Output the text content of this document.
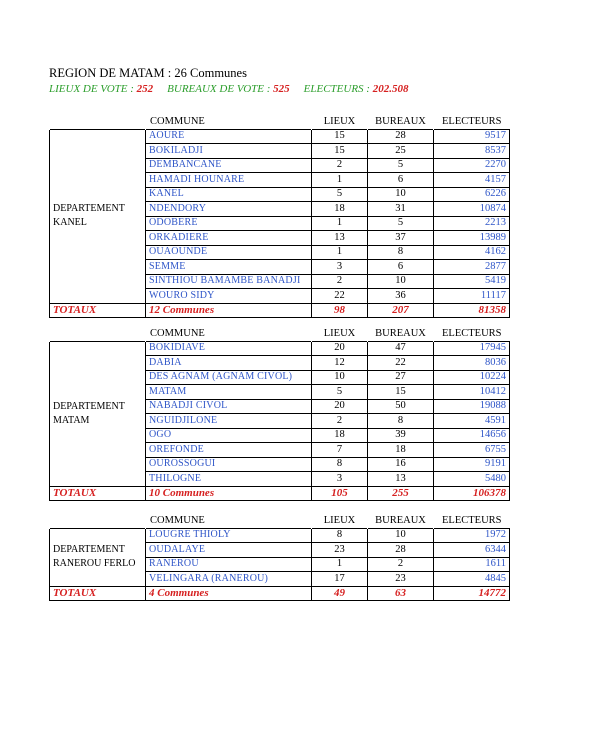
REGION DE MATAM : 26 Communes
LIEUX DE VOTE : 252 BUREAUX DE VOTE : 525 ELECTEURS : 202.508
	COMMUNE	LIEUX	BUREAUX	ELECTEURS

DEPARTEMENT
KANEL	AOURE	15	28	9517
	BOKILADJI	15	25	8537
	DEMBANCANE	2	5	2270
	HAMADI HOUNARE	1	6	4157
	KANEL	5	10	6226
	NDENDORY	18	31	10874
	ODOBERE	1	5	2213
	ORKADIERE	13	37	13989
	OUAOUNDE	1	8	4162
	SEMME	3	6	2877
	SINTHIOU BAMAMBE BANADJI	2	10	5419
	WOURO SIDY	22	36	11117
TOTAUX	12 Communes	98	207	81358
	COMMUNE	LIEUX	BUREAUX	ELECTEURS

DEPARTEMENT
MATAM	BOKIDIAVE	20	47	17945
	DABIA	12	22	8036
	DES AGNAM (AGNAM CIVOL)	10	27	10224
	MATAM	5	15	10412
	NABADJI CIVOL	20	50	19088
	NGUIDJILONE	2	8	4591
	OGO	18	39	14656
	OREFONDE	7	18	6755
	OUROSSOGUI	8	16	9191
	THILOGNE	3	13	5480
TOTAUX	10 Communes	105	255	106378
	COMMUNE	LIEUX	BUREAUX	ELECTEURS

DEPARTEMENT
RANEROU FERLO	LOUGRE THIOLY	8	10	1972
	OUDALAYE	23	28	6344
	RANEROU	1	2	1611
	VELINGARA (RANEROU)	17	23	4845
TOTAUX	4 Communes	49	63	14772
